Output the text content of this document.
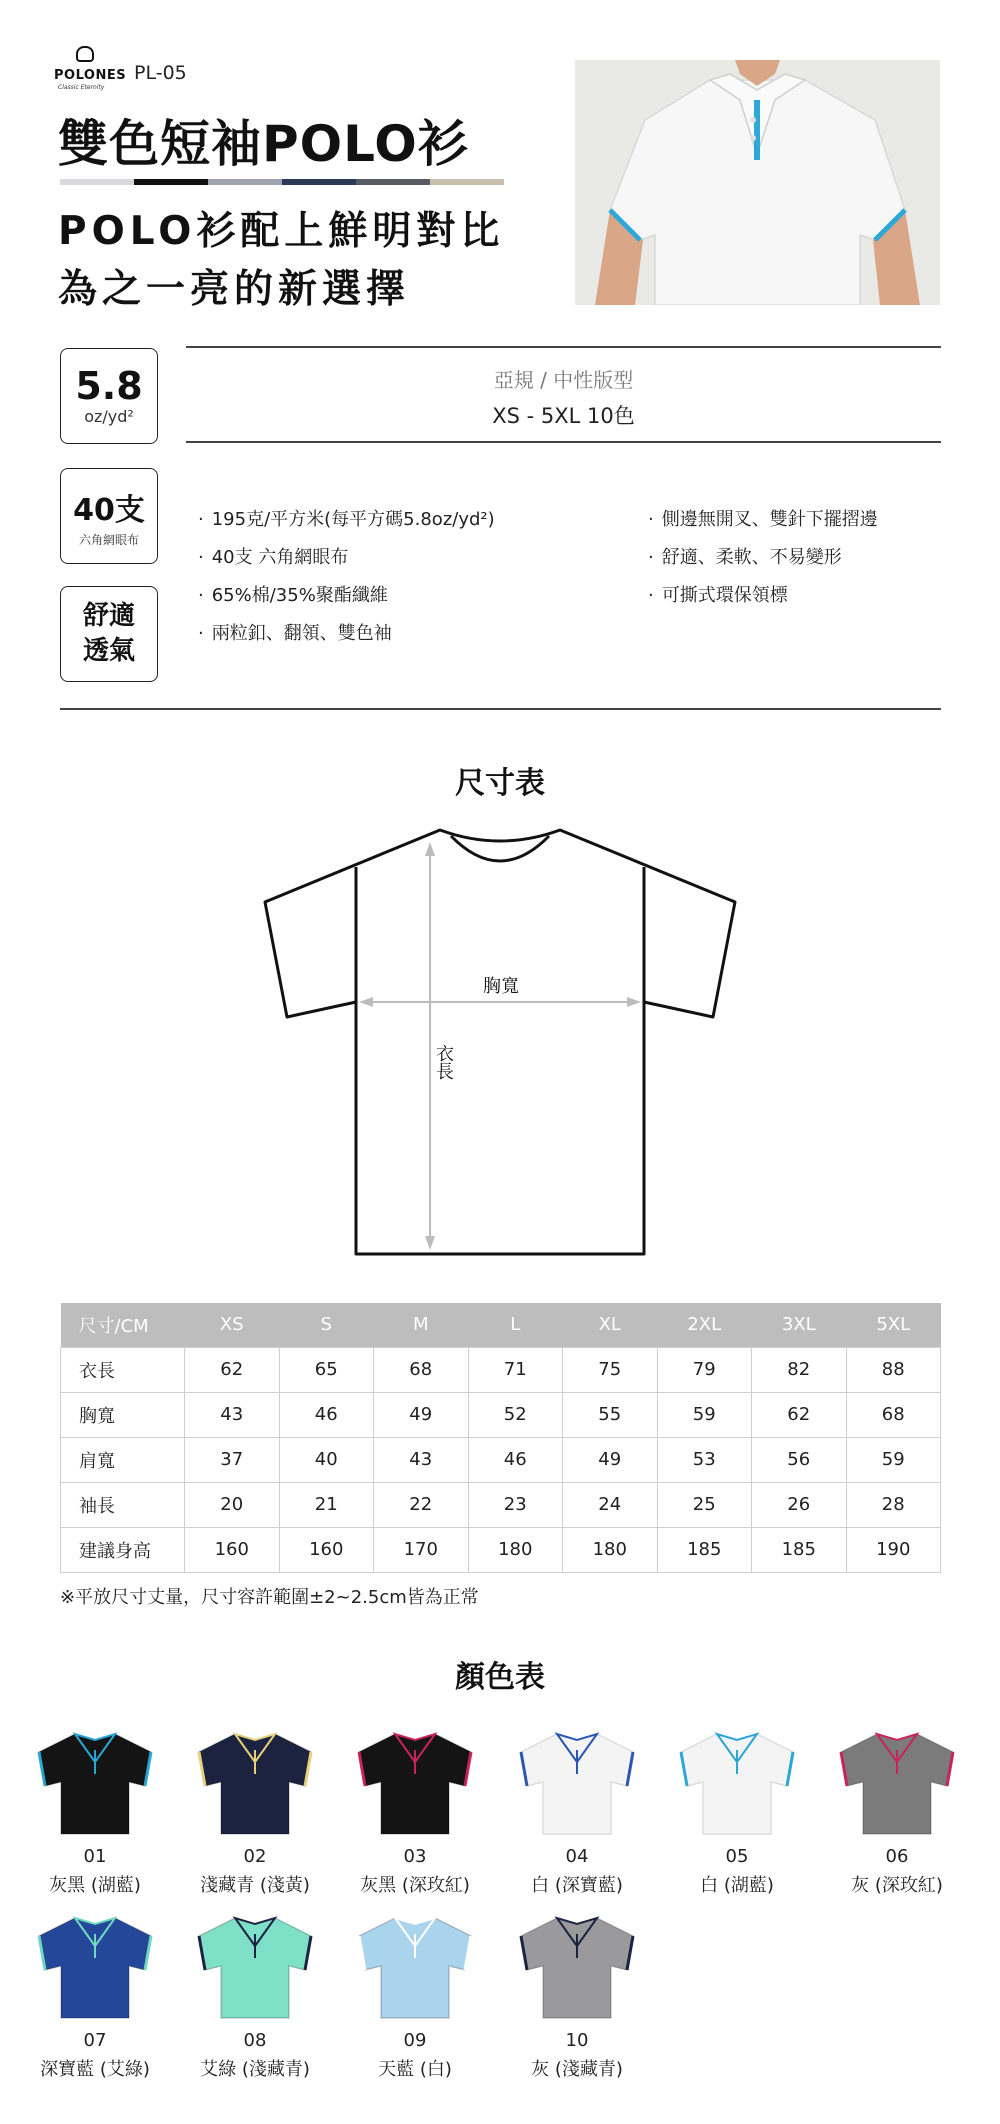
POLONES
Classic Eternity
PL-05
雙色短袖POLO衫
POLO衫配上鮮明對比
為之一亮的新選擇
5.8
oz/yd²
40支
六角網眼布
舒適
透氣
亞規 / 中性版型
XS - 5XL 10色
· 195克/平方米(每平方碼5.8oz/yd²)
· 40支 六角網眼布
· 65%棉/35%聚酯纖維
· 兩粒釦、翻領、雙色袖
· 側邊無開叉、雙針下擺摺邊
· 舒適、柔軟、不易變形
· 可撕式環保領標
尺寸表
胸寬
衣長
尺寸/CM	XS	S	M	L	XL	2XL	3XL	5XL
衣長	62	65	68	71	75	79	82	88
胸寬	43	46	49	52	55	59	62	68
肩寬	37	40	43	46	49	53	56	59
袖長	20	21	22	23	24	25	26	28
建議身高	160	160	170	180	180	185	185	190
※平放尺寸丈量，尺寸容許範圍±2~2.5cm皆為正常
顏色表
01
灰黑 (湖藍)
02
淺藏青 (淺黃)
03
灰黑 (深玫紅)
04
白 (深寶藍)
05
白 (湖藍)
06
灰 (深玫紅)
07
深寶藍 (艾綠)
08
艾綠 (淺藏青)
09
天藍 (白)
10
灰 (淺藏青)
